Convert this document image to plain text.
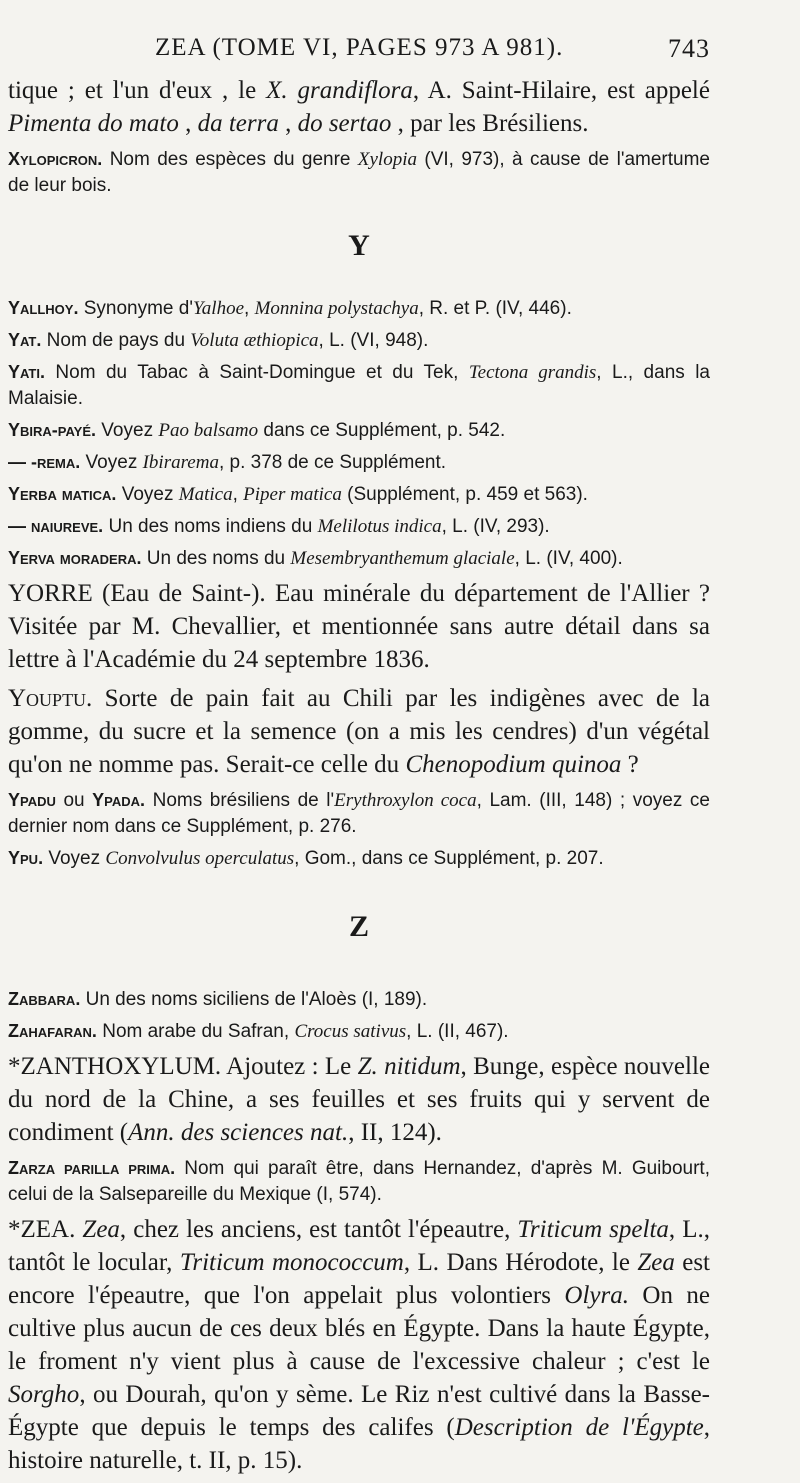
ZEA (TOME VI, PAGES 973 A 981).	743

tique ; et l'un d'eux , le X. grandiflora, A. Saint-Hilaire, est appelé Pimenta do mato , da terra , do sertao , par les Brésiliens.

Xylopicron. Nom des espèces du genre Xylopia (VI, 973), à cause de l'amertume de leur bois.

Y

Yallhoy. Synonyme d'Yalhoe, Monnina polystachya, R. et P. (IV, 446).

Yat. Nom de pays du Voluta æthiopica, L. (VI, 948).

Yati. Nom du Tabac à Saint-Domingue et du Tek, Tectona grandis, L., dans la Malaisie.

Ybira-payé. Voyez Pao balsamo dans ce Supplément, p. 542.

— -rema. Voyez Ibirarema, p. 378 de ce Supplément.

Yerba matica. Voyez Matica, Piper matica (Supplément, p. 459 et 563).

— naiureve. Un des noms indiens du Melilotus indica, L. (IV, 293).

Yerva moradera. Un des noms du Mesembryanthemum glaciale, L. (IV, 400).

YORRE (Eau de Saint-). Eau minérale du département de l'Allier ? Visitée par M. Chevallier, et mentionnée sans autre détail dans sa lettre à l'Académie du 24 septembre 1836.

Youptu. Sorte de pain fait au Chili par les indigènes avec de la gomme, du sucre et la semence (on a mis les cendres) d'un végétal qu'on ne nomme pas. Serait-ce celle du Chenopodium quinoa ?

Ypadu ou Ypada. Noms brésiliens de l'Erythroxylon coca, Lam. (III, 148) ; voyez ce dernier nom dans ce Supplément, p. 276.

Ypu. Voyez Convolvulus operculatus, Gom., dans ce Supplément, p. 207.

Z

Zabbara. Un des noms siciliens de l'Aloès (I, 189).

Zahafaran. Nom arabe du Safran, Crocus sativus, L. (II, 467).

*ZANTHOXYLUM. Ajoutez : Le Z. nitidum, Bunge, espèce nouvelle du nord de la Chine, a ses feuilles et ses fruits qui y servent de condiment (Ann. des sciences nat., II, 124).

Zarza parilla prima. Nom qui paraît être, dans Hernandez, d'après M. Guibourt, celui de la Salsepareille du Mexique (I, 574).

*ZEA. Zea, chez les anciens, est tantôt l'épeautre, Triticum spelta, L., tantôt le locular, Triticum monococcum, L. Dans Hérodote, le Zea est encore l'épeautre, que l'on appelait plus volontiers Olyra. On ne cultive plus aucun de ces deux blés en Égypte. Dans la haute Égypte, le froment n'y vient plus à cause de l'excessive chaleur ; c'est le Sorgho, ou Dourah, qu'on y sème. Le Riz n'est cultivé dans la Basse-Égypte que depuis le temps des califes (Description de l'Égypte, histoire naturelle, t. II, p. 15).
